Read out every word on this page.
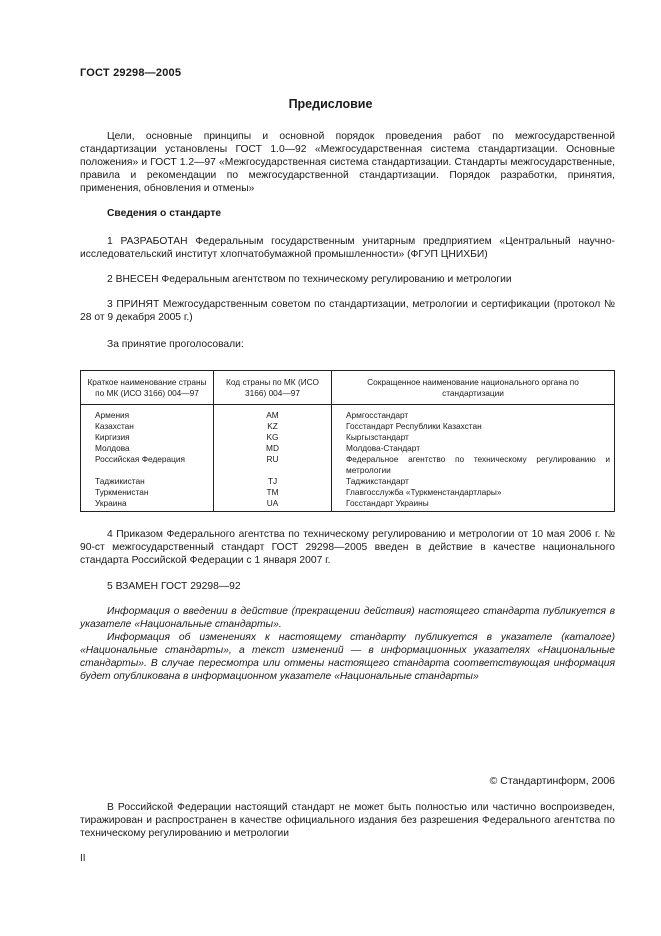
ГОСТ 29298—2005
Предисловие

Цели, основные принципы и основной порядок проведения работ по межгосударственной стандартизации установлены ГОСТ 1.0—92 «Межгосударственная система стандартизации. Основные положения» и ГОСТ 1.2—97 «Межгосударственная система стандартизации. Стандарты межгосударственные, правила и рекомендации по межгосударственной стандартизации. Порядок разработки, принятия, применения, обновления и отмены»

Сведения о стандарте

1 РАЗРАБОТАН Федеральным государственным унитарным предприятием «Центральный научно-исследовательский институт хлопчатобумажной промышленности» (ФГУП ЦНИХБИ)

2 ВНЕСЕН Федеральным агентством по техническому регулированию и метрологии

3 ПРИНЯТ Межгосударственным советом по стандартизации, метрологии и сертификации (протокол № 28 от 9 декабря 2005 г.)

За принятие проголосовали:

Краткое наименование страны по МК (ИСО 3166) 004—97	Код страны по МК (ИСО 3166) 004—97	Сокращенное наименование национального органа по стандартизации
Армения	AM	Армгосстандарт
Казахстан	KZ	Госстандарт Республики Казахстан
Киргизия	KG	Кыргызстандарт
Молдова	MD	Молдова-Стандарт
Российская Федерация	RU	Федеральное агентство по техническому регулированию и метрологии
Таджикистан	TJ	Таджикстандарт
Туркменистан	TM	Главгосслужба «Туркменстандартлары»
Украина	UA	Госстандарт Украины

4 Приказом Федерального агентства по техническому регулированию и метрологии от 10 мая 2006 г. № 90-ст межгосударственный стандарт ГОСТ 29298—2005 введен в действие в качестве национального стандарта Российской Федерации с 1 января 2007 г.

5 ВЗАМЕН ГОСТ 29298—92

Информация о введении в действие (прекращении действия) настоящего стандарта публикуется в указателе «Национальные стандарты».

Информация об изменениях к настоящему стандарту публикуется в указателе (каталоге) «Национальные стандарты», а текст изменений — в информационных указателях «Национальные стандарты». В случае пересмотра или отмены настоящего стандарта соответствующая информация будет опубликована в информационном указателе «Национальные стандарты»

© Стандартинформ, 2006

В Российской Федерации настоящий стандарт не может быть полностью или частично воспроизведен, тиражирован и распространен в качестве официального издания без разрешения Федерального агентства по техническому регулированию и метрологии

II
